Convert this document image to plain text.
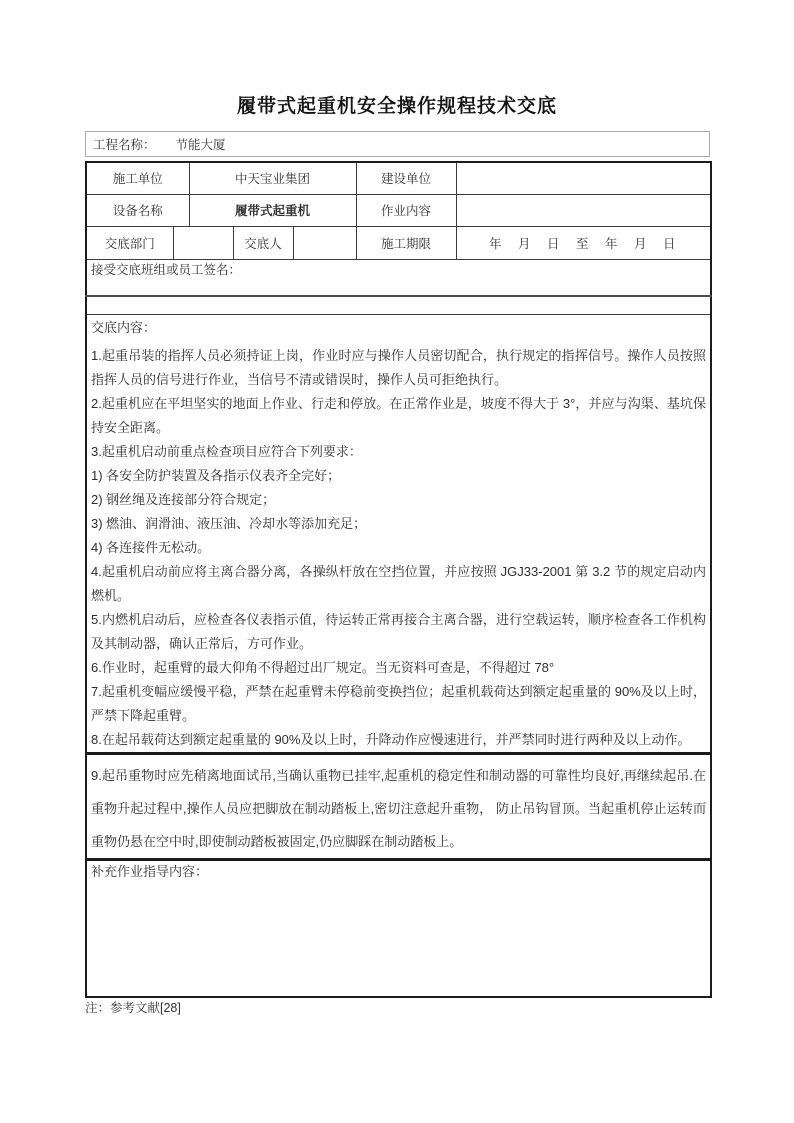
履带式起重机安全操作规程技术交底
工程名称： 节能大厦
施工单位		中天宝业集团			建设单位	
设备名称		履带式起重机			作业内容	
交底部门			交底人		施工期限	年　月　日　至　年　月　日
接受交底班组或员工签名：						

交底内容：

1.起重吊装的指挥人员必须持证上岗，作业时应与操作人员密切配合，执行规定的指挥信号。操作人员按照指挥人员的信号进行作业，当信号不清或错误时，操作人员可拒绝执行。

2.起重机应在平坦坚实的地面上作业、行走和停放。在正常作业是，坡度不得大于 3°，并应与沟渠、基坑保持安全距离。

3.起重机启动前重点检查项目应符合下列要求：

1) 各安全防护装置及各指示仪表齐全完好；

2) 钢丝绳及连接部分符合规定；

3) 燃油、润滑油、液压油、冷却水等添加充足；

4) 各连接件无松动。

4.起重机启动前应将主离合器分离，各操纵杆放在空挡位置，并应按照 JGJ33-2001 第 3.2 节的规定启动内燃机。

5.内燃机启动后，应检查各仪表指示值，待运转正常再接合主离合器，进行空载运转，顺序检查各工作机构及其制动器，确认正常后，方可作业。

6.作业时，起重臂的最大仰角不得超过出厂规定。当无资料可查是，不得超过 78°

7.起重机变幅应缓慢平稳，严禁在起重臂未停稳前变换挡位；起重机载荷达到额定起重量的 90%及以上时，严禁下降起重臂。

8.在起吊载荷达到额定起重量的 90%及以上时，升降动作应慢速进行，并严禁同时进行两种及以上动作。

9.起吊重物时应先稍离地面试吊,当确认重物已挂牢,起重机的稳定性和制动器的可靠性均良好,再继续起吊.在重物升起过程中,操作人员应把脚放在制动踏板上,密切注意起升重物， 防止吊钩冒顶。当起重机停止运转而重物仍悬在空中时,即使制动踏板被固定,仍应脚踩在制动踏板上。						

补充作业指导内容：						
注：参考文献[28]
